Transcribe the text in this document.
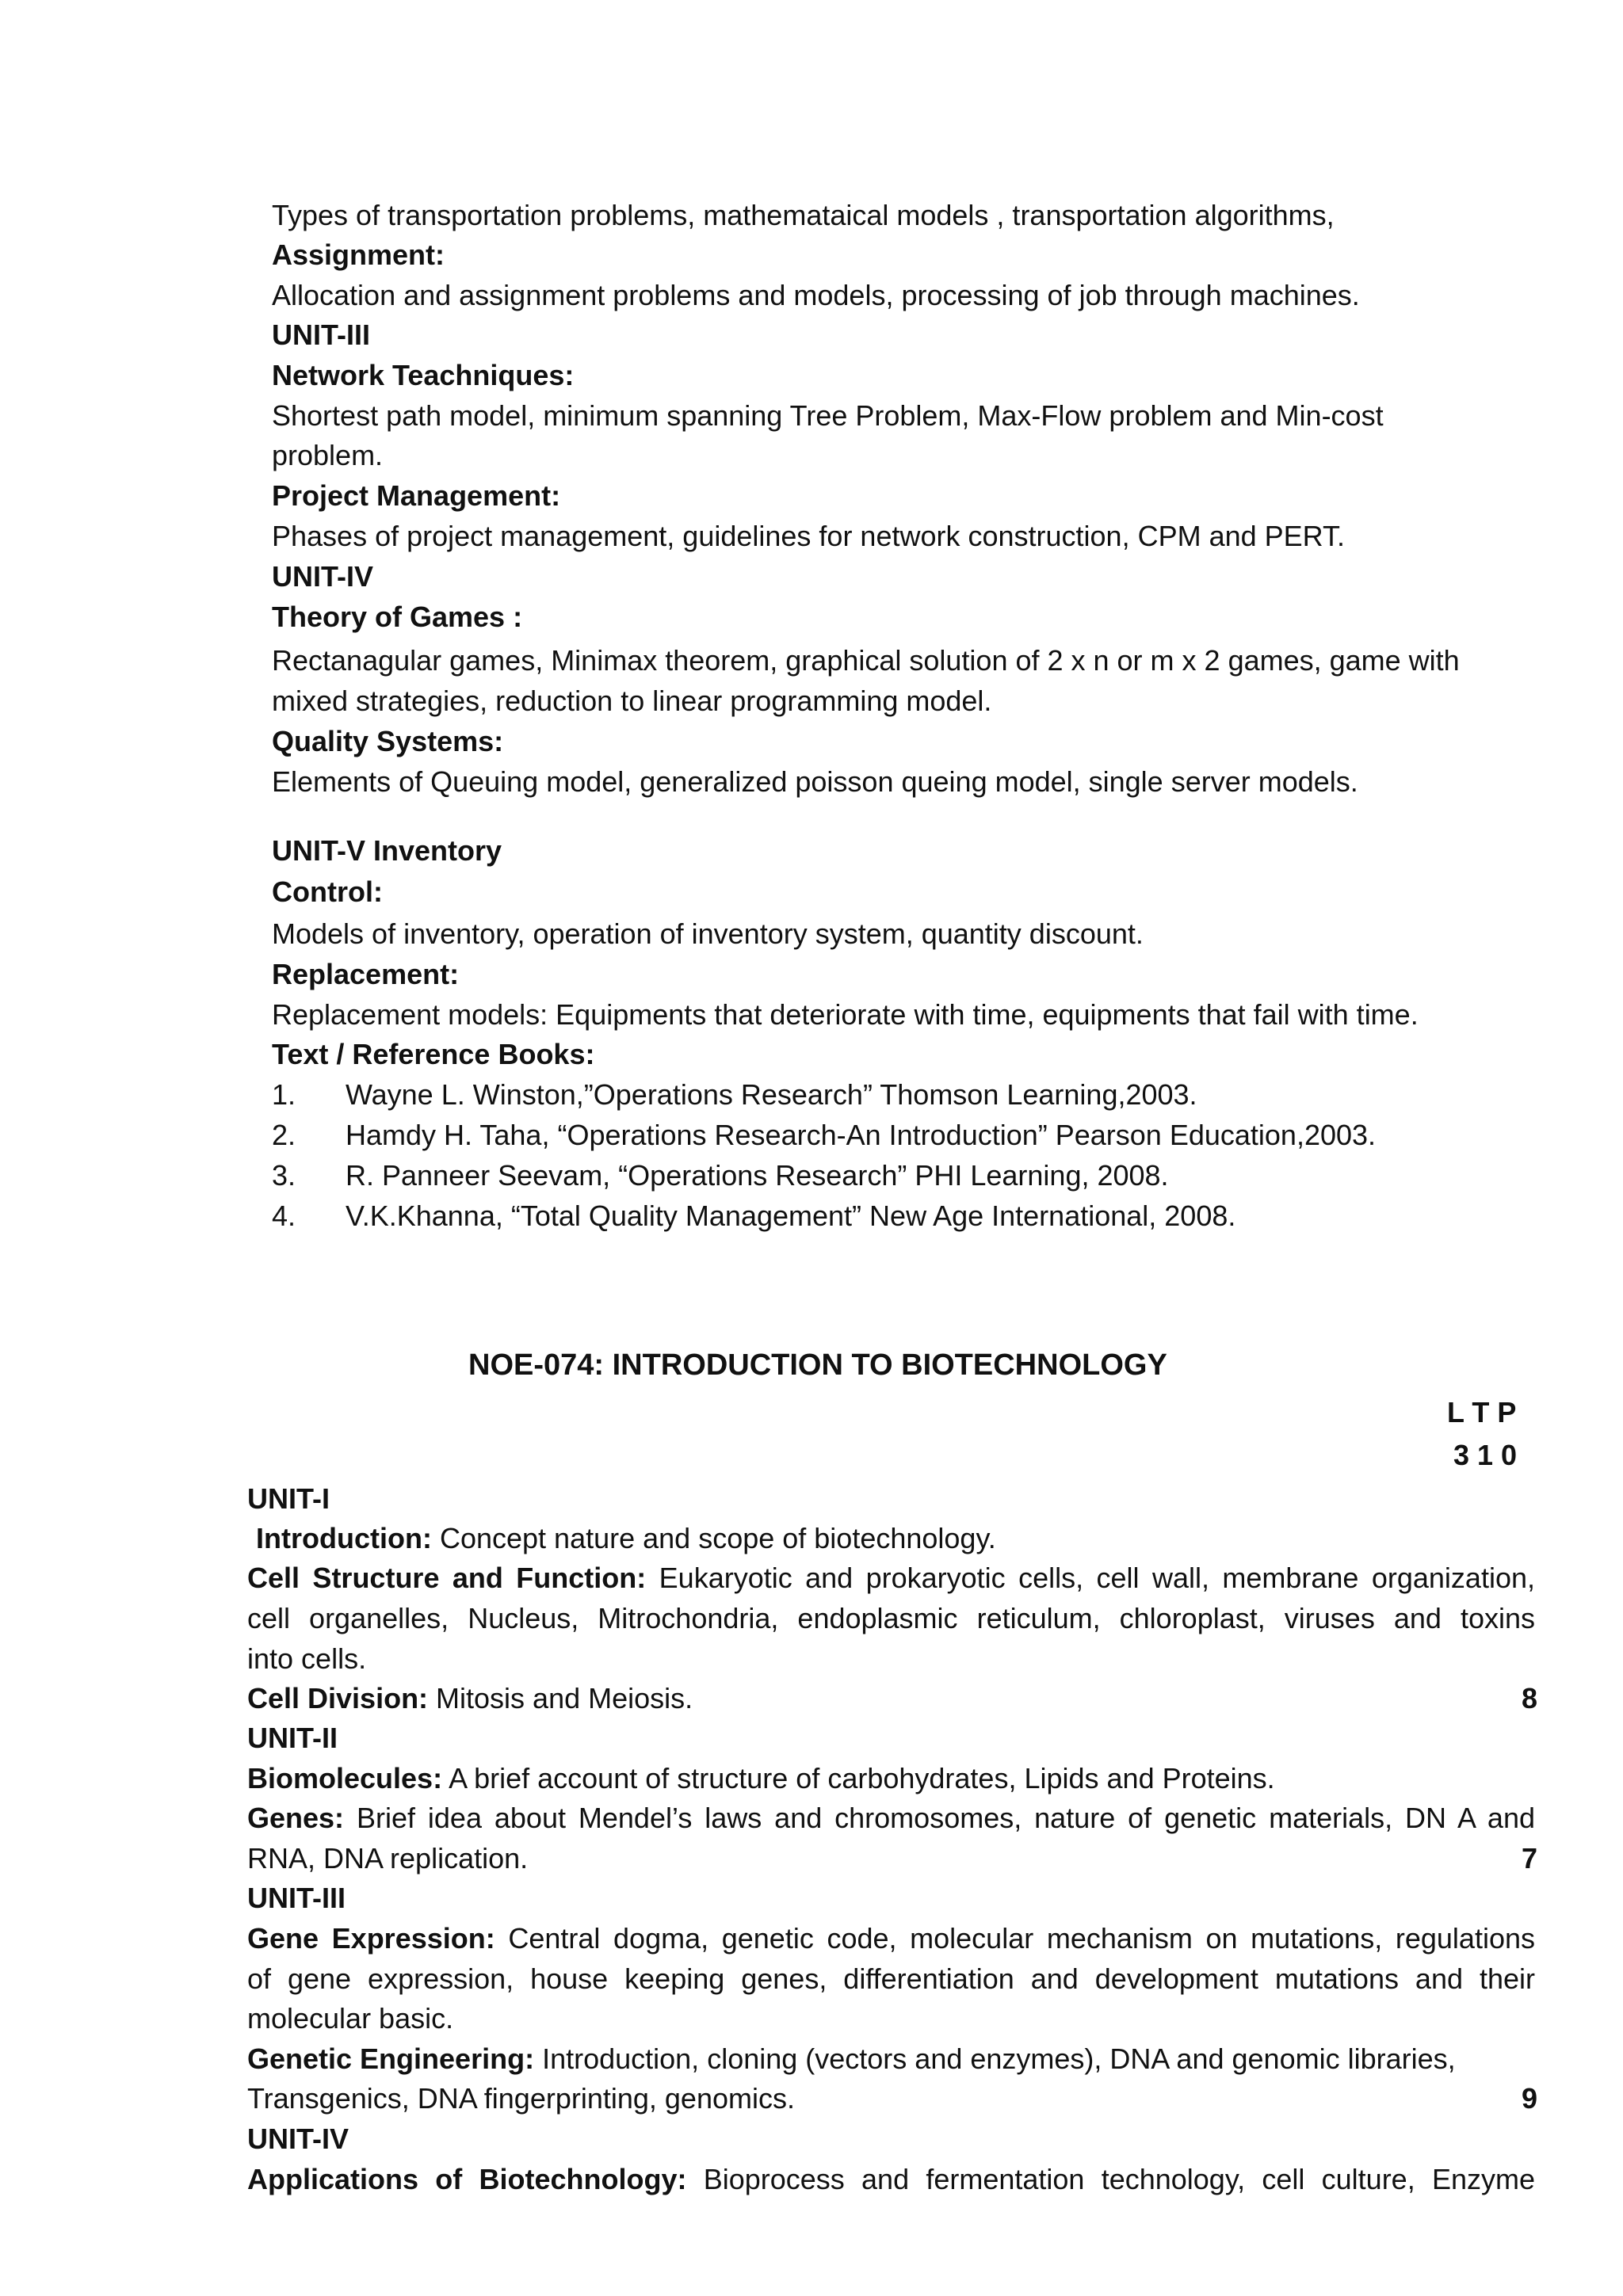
Types of transportation problems, mathemataical models , transportation algorithms,
Assignment:
Allocation and assignment problems and models, processing of job through machines.
UNIT-III
Network Teachniques:
Shortest path model, minimum spanning Tree Problem, Max-Flow problem and Min-cost
problem.
Project Management:
Phases of project management, guidelines for network construction, CPM and PERT.
UNIT-IV
Theory of Games :
Rectanagular games, Minimax theorem, graphical solution of 2 x n or m x 2 games, game with
mixed strategies, reduction to linear programming model.
Quality Systems:
Elements of Queuing model, generalized poisson queing model, single server models.
UNIT-V Inventory
Control:
Models of inventory, operation of inventory system, quantity discount.
Replacement:
Replacement models: Equipments that deteriorate with time, equipments that fail with time.
Text / Reference Books:
1. Wayne L. Winston,”Operations Research” Thomson Learning,2003.
2. Hamdy H. Taha, “Operations Research-An Introduction” Pearson Education,2003.
3. R. Panneer Seevam, “Operations Research” PHI Learning, 2008.
4. V.K.Khanna, “Total Quality Management” New Age International, 2008.
NOE-074: INTRODUCTION TO BIOTECHNOLOGY
L T P
3 1 0
UNIT-I
Introduction: Concept nature and scope of biotechnology.
Cell Structure and Function: Eukaryotic and prokaryotic cells, cell wall, membrane organization,
cell organelles, Nucleus, Mitrochondria, endoplasmic reticulum, chloroplast, viruses and toxins
into cells.
Cell Division: Mitosis and Meiosis.	8
UNIT-II
Biomolecules: A brief account of structure of carbohydrates, Lipids and Proteins.
Genes: Brief idea about Mendel’s laws and chromosomes, nature of genetic materials, DN A and
RNA, DNA replication.	7
UNIT-III
Gene Expression: Central dogma, genetic code, molecular mechanism on mutations, regulations
of gene expression, house keeping genes, differentiation and development mutations and their
molecular basic.
Genetic Engineering: Introduction, cloning (vectors and enzymes), DNA and genomic libraries,
Transgenics, DNA fingerprinting, genomics.	9
UNIT-IV
Applications of Biotechnology: Bioprocess and fermentation technology, cell culture, Enzyme
